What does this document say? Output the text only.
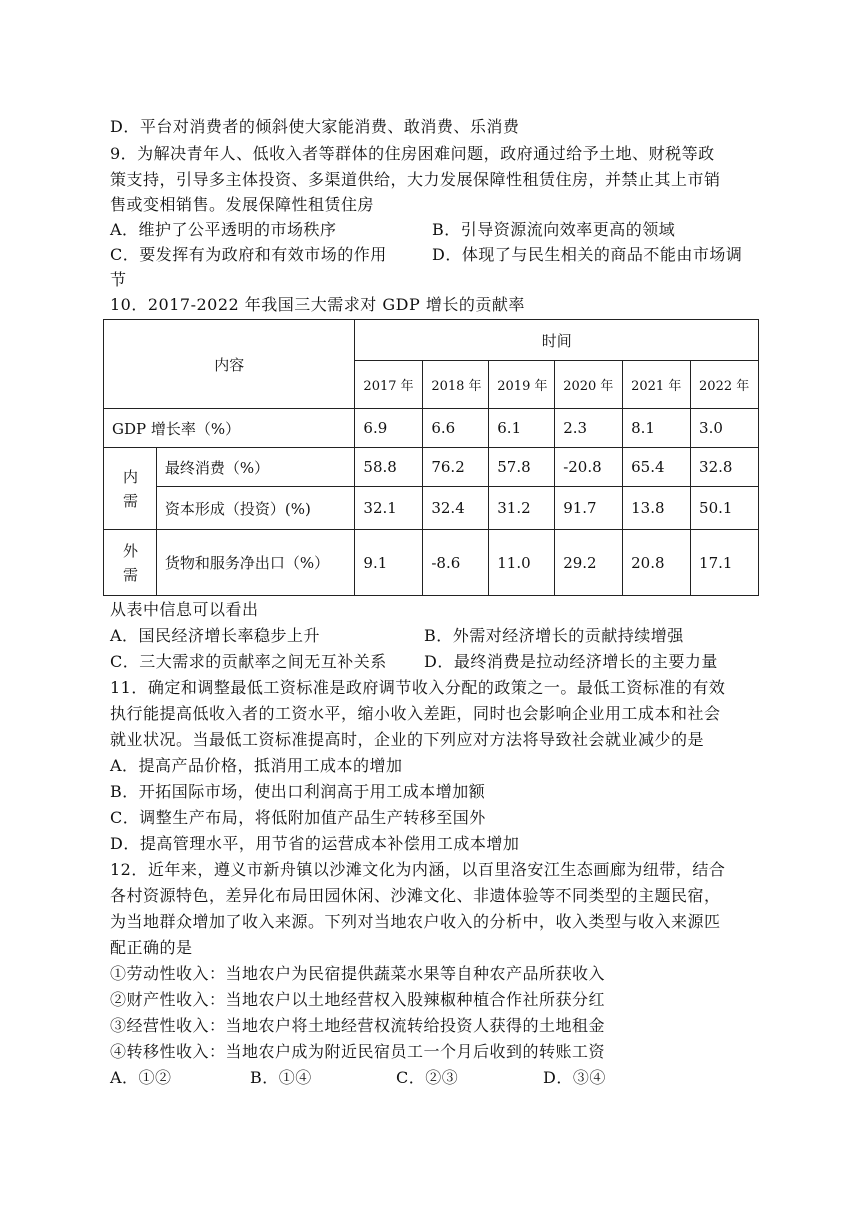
D．平台对消费者的倾斜使大家能消费、敢消费、乐消费
9．为解决青年人、低收入者等群体的住房困难问题，政府通过给予土地、财税等政
策支持，引导多主体投资、多渠道供给，大力发展保障性租赁住房，并禁止其上市销
售或变相销售。发展保障性租赁住房
A．维护了公平透明的市场秩序	B．引导资源流向效率更高的领域
C．要发挥有为政府和有效市场的作用	D．体现了与民生相关的商品不能由市场调
节
10．2017-2022 年我国三大需求对 GDP 增长的贡献率
内容		时间					
		2017 年	2018 年	2019 年	2020 年	2021 年	2022 年
GDP 增长率（%）		6.9	6.6	6.1	2.3	8.1	3.0

内需	最终消费（%）	58.8	76.2	57.8	-20.8	65.4	32.8
	资本形成（投资）(%)	32.1	32.4	31.2	91.7	13.8	50.1

外需	货物和服务净出口（%）	9.1	-8.6	11.0	29.2	20.8	17.1
从表中信息可以看出
A．国民经济增长率稳步上升	B．外需对经济增长的贡献持续增强
C．三大需求的贡献率之间无互补关系 D．最终消费是拉动经济增长的主要力量
11．确定和调整最低工资标准是政府调节收入分配的政策之一。最低工资标准的有效
执行能提高低收入者的工资水平，缩小收入差距，同时也会影响企业用工成本和社会
就业状况。当最低工资标准提高时，企业的下列应对方法将导致社会就业减少的是
A．提高产品价格，抵消用工成本的增加
B．开拓国际市场，使出口利润高于用工成本增加额
C．调整生产布局，将低附加值产品生产转移至国外
D．提高管理水平，用节省的运营成本补偿用工成本增加
12．近年来，遵义市新舟镇以沙滩文化为内涵，以百里洛安江生态画廊为纽带，结合
各村资源特色，差异化布局田园休闲、沙滩文化、非遗体验等不同类型的主题民宿，
为当地群众增加了收入来源。下列对当地农户收入的分析中，收入类型与收入来源匹
配正确的是
①劳动性收入：当地农户为民宿提供蔬菜水果等自种农产品所获收入
②财产性收入：当地农户以土地经营权入股辣椒种植合作社所获分红
③经营性收入：当地农户将土地经营权流转给投资人获得的土地租金
④转移性收入：当地农户成为附近民宿员工一个月后收到的转账工资
A．①②	B．①④	C．②③	D．③④
